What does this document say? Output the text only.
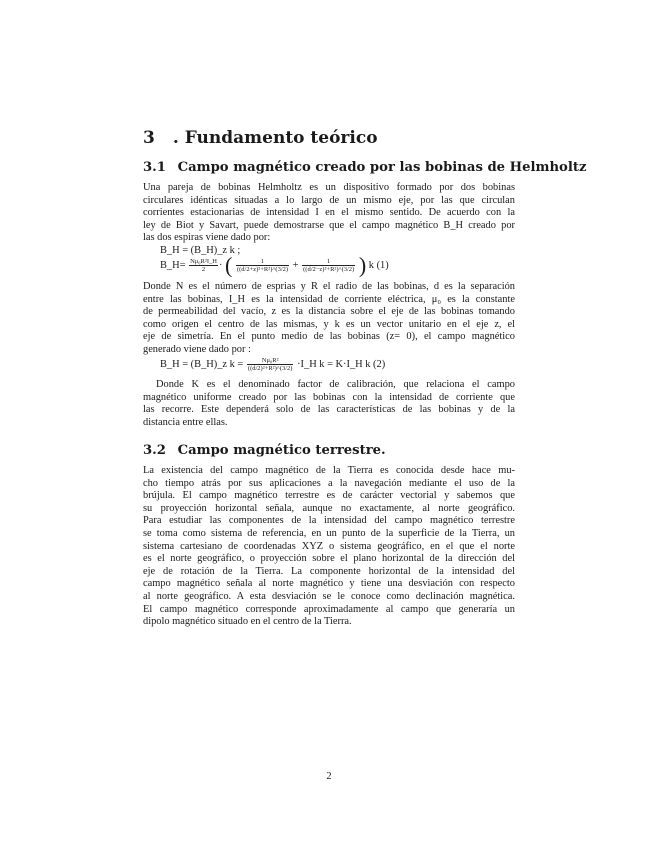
3 . Fundamento teórico
3.1 Campo magnético creado por las bobinas de Helmholtz
Una pareja de bobinas Helmholtz es un dispositivo formado por dos bobinas
circulares idénticas situadas a lo largo de un mismo eje, por las que circulan
corrientes estacionarias de intensidad I en el mismo sentido. De acuerdo con la
ley de Biot y Savart, puede demostrarse que el campo magnético B_H creado por
las dos espiras viene dado por:
B_H = (B_H)_z k ;
B_H= $\frac{\text{Nμ₀R²I\_H}}{2}$ · ( $\frac{1}{\text{((d/2+z)²+R²)\textasciicircum{}(3/2)}} + \frac{1}{\text{((d/2−z)²+R²)\textasciicircum{}(3/2)}}$ ) k (1)
Donde N es el número de esprias y R el radio de las bobinas, d es la separación
entre las bobinas, I_H es la intensidad de corriente eléctrica, μ₀ es la constante
de permeabilidad del vacío, z es la distancia sobre el eje de las bobinas tomando
como origen el centro de las mismas, y k es un vector unitario en el eje z, el
eje de simetría. En el punto medio de las bobinas (z= 0), el campo magnético
generado viene dado por :
B_H = (B_H)_z $k = \frac{\text{Nμ₀R²}}{\text{((d/2)²+R²)\textasciicircum{}(3/2)}}$ ·I_H k = K·I_H k (2)
Donde K es el denominado factor de calibración, que relaciona el campo
magnético uniforme creado por las bobinas con la intensidad de corriente que
las recorre. Este dependerá solo de las características de las bobinas y de la
distancia entre ellas.
3.2 Campo magnético terrestre.
La existencia del campo magnético de la Tierra es conocida desde hace mu-
cho tiempo atrás por sus aplicaciones a la navegación mediante el uso de la
brújula. El campo magnético terrestre es de carácter vectorial y sabemos que
su proyección horizontal señala, aunque no exactamente, al norte geográfico.
Para estudiar las componentes de la intensidad del campo magnético terrestre
se toma como sistema de referencia, en un punto de la superficie de la Tierra, un
sistema cartesiano de coordenadas XYZ o sistema geográfico, en el que el norte
es el norte geográfico, o proyección sobre el plano horizontal de la dirección del
eje de rotación de la Tierra. La componente horizontal de la intensidad del
campo magnético señala al norte magnético y tiene una desviación con respecto
al norte geográfico. A esta desviación se le conoce como declinación magnética.
El campo magnético corresponde aproximadamente al campo que generaría un
dipolo magnético situado en el centro de la Tierra.
2
